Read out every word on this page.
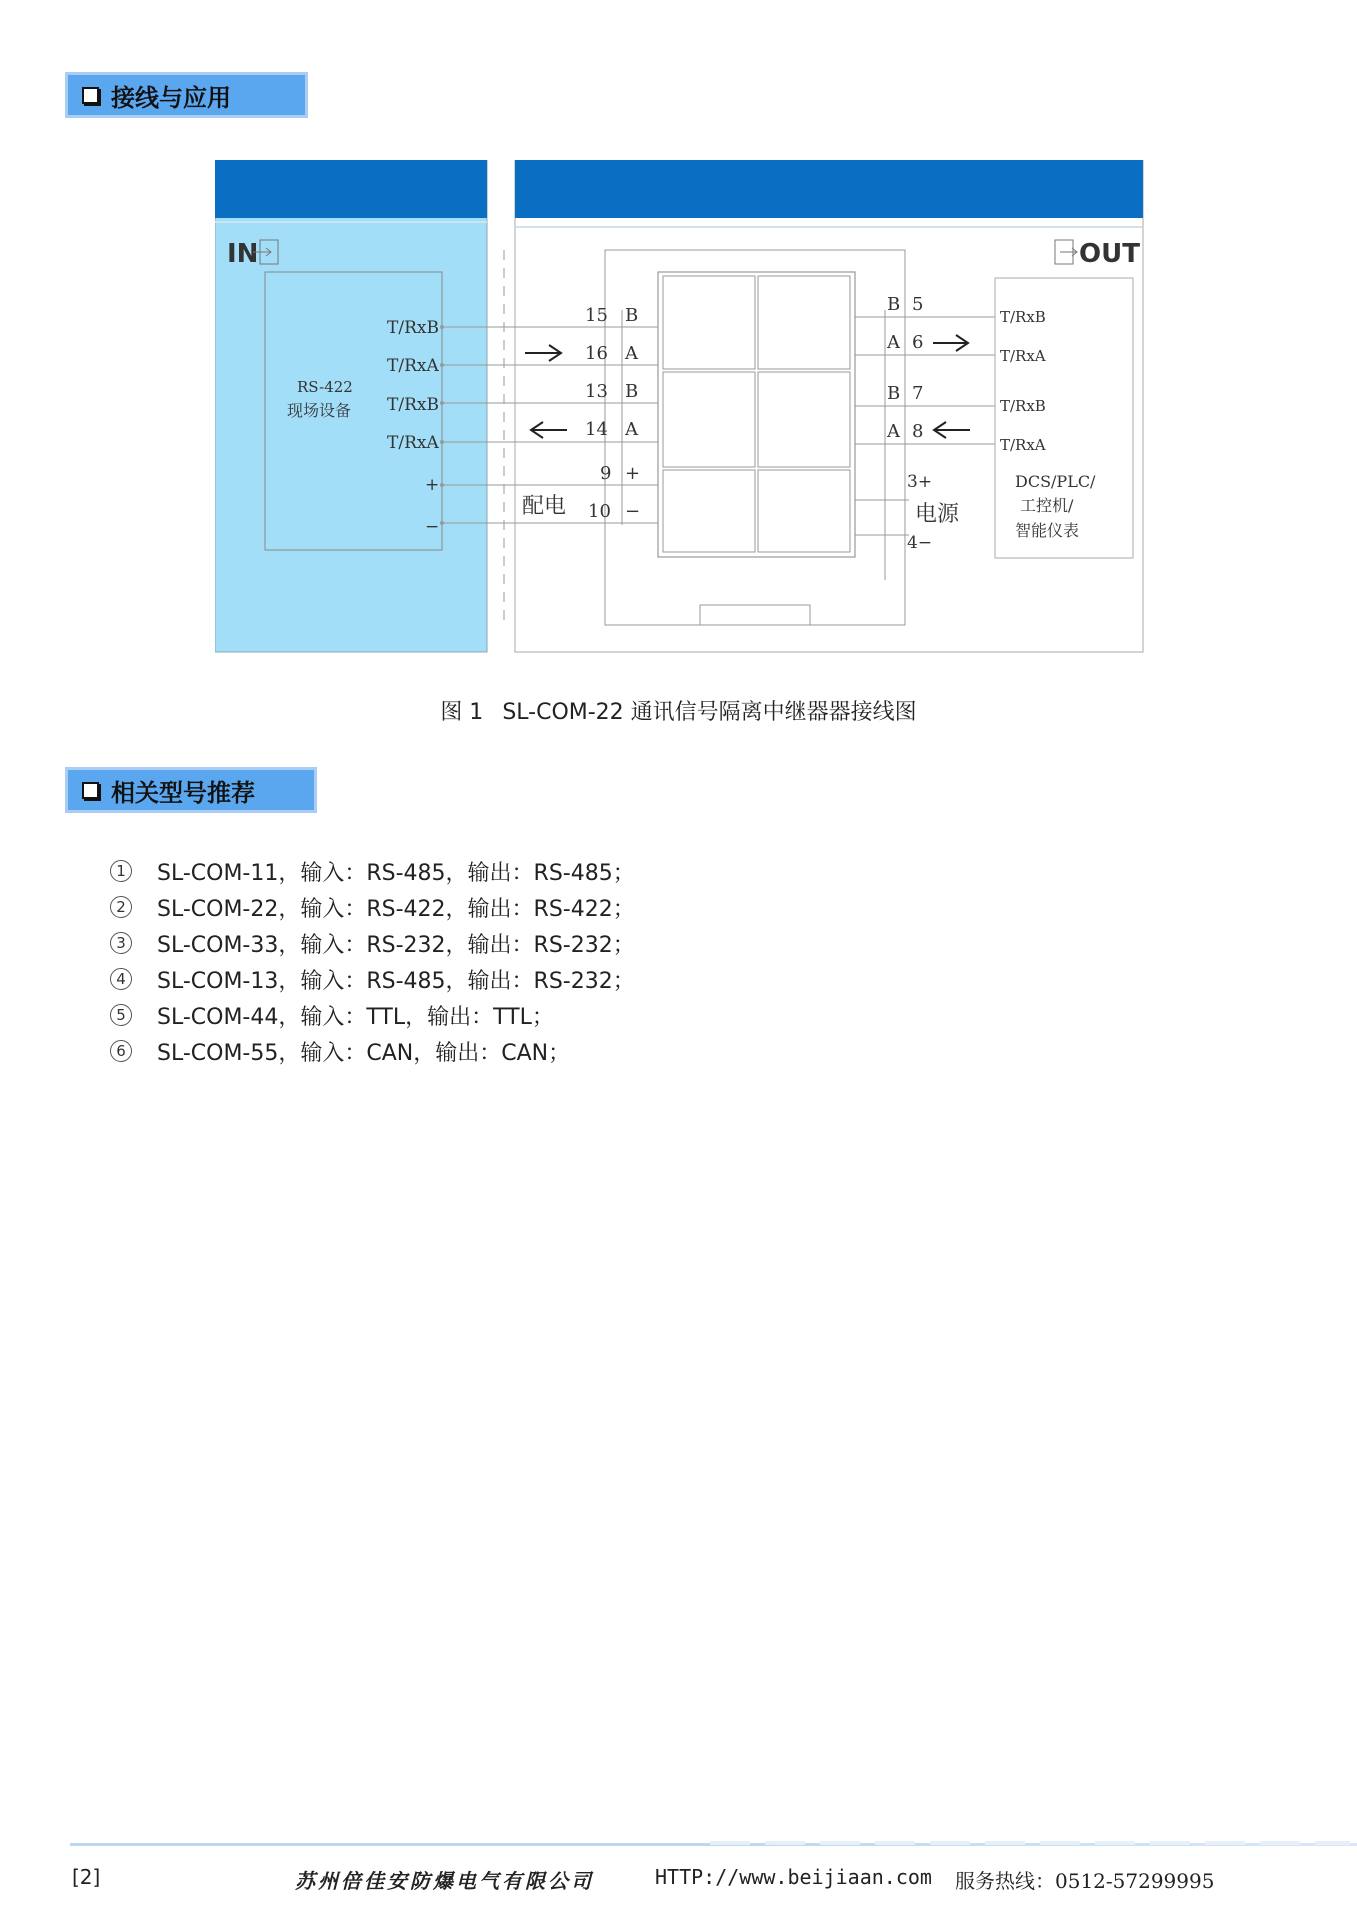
接线与应用
IN	OUT
RS-422
现场设备
T/RxB
T/RxA
T/RxB
T/RxA
+
−
15 B
16 A
13 B
14 A
9 +
10 −
配电
B 5
A 6
B 7
A 8
3+
4−
电源
T/RxB
T/RxA
T/RxB
T/RxA
DCS/PLC/
工控机/
智能仪表
图 1 SL-COM-22 通讯信号隔离中继器器接线图
相关型号推荐
1 SL-COM-11，输入：RS-485，输出：RS-485；
2 SL-COM-22，输入：RS-422，输出：RS-422；
3 SL-COM-33，输入：RS-232，输出：RS-232；
4 SL-COM-13，输入：RS-485，输出：RS-232；
5 SL-COM-44，输入：TTL，输出：TTL；
6 SL-COM-55，输入：CAN，输出：CAN；
[2]	苏州倍佳安防爆电气有限公司	HTTP://www.beijiaan.com 服务热线：0512-57299995
